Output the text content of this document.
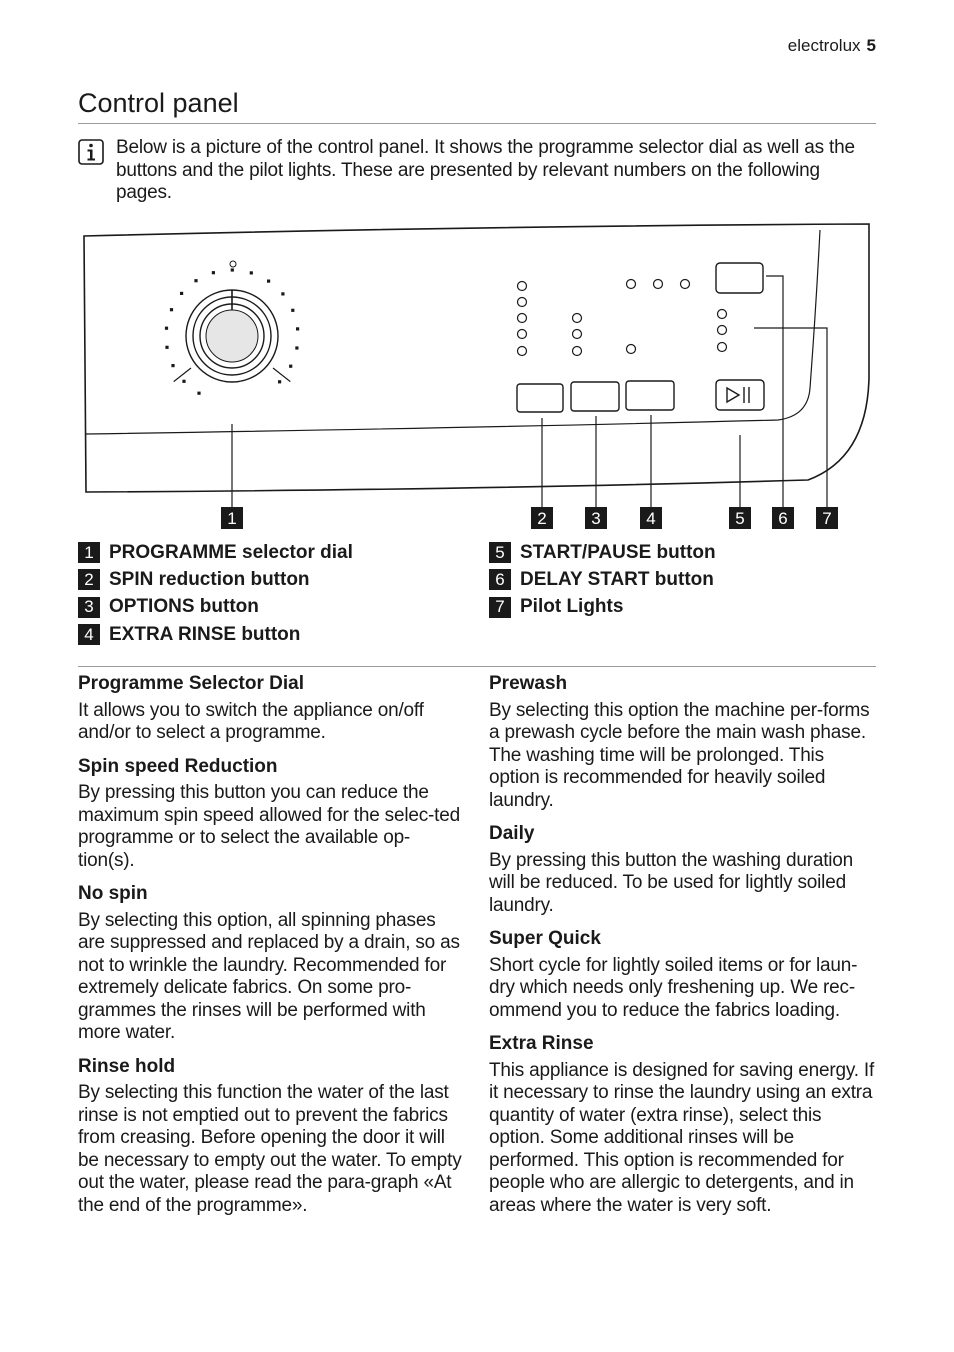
electrolux 5
Control panel

Below is a picture of the control panel. It shows the programme selector dial as well as the buttons and the pilot lights. These are presented by relevant numbers on the following pages.

1	2	3	4	5 6 7
1 PROGRAMME selector dial
2 SPIN reduction button
3 OPTIONS button
4 EXTRA RINSE button
5 START/PAUSE button
6 DELAY START button
7 Pilot Lights
Programme Selector Dial

It allows you to switch the appliance on/off and/or to select a programme.

Spin speed Reduction

By pressing this button you can reduce the maximum spin speed allowed for the selec-ted programme or to select the available op-tion(s).

No spin

By selecting this option, all spinning phases are suppressed and replaced by a drain, so as not to wrinkle the laundry. Recommended for extremely delicate fabrics. On some pro-grammes the rinses will be performed with more water.

Rinse hold

By selecting this function the water of the last rinse is not emptied out to prevent the fabrics from creasing. Before opening the door it will be necessary to empty out the water. To empty out the water, please read the para-graph «At the end of the programme».

Prewash

By selecting this option the machine per-forms a prewash cycle before the main wash phase. The washing time will be prolonged. This option is recommended for heavily soiled laundry.

Daily

By pressing this button the washing duration will be reduced. To be used for lightly soiled laundry.

Super Quick

Short cycle for lightly soiled items or for laun-dry which needs only freshening up. We rec-ommend you to reduce the fabrics loading.

Extra Rinse

This appliance is designed for saving energy. If it necessary to rinse the laundry using an extra quantity of water (extra rinse), select this option. Some additional rinses will be performed. This option is recommended for people who are allergic to detergents, and in areas where the water is very soft.
